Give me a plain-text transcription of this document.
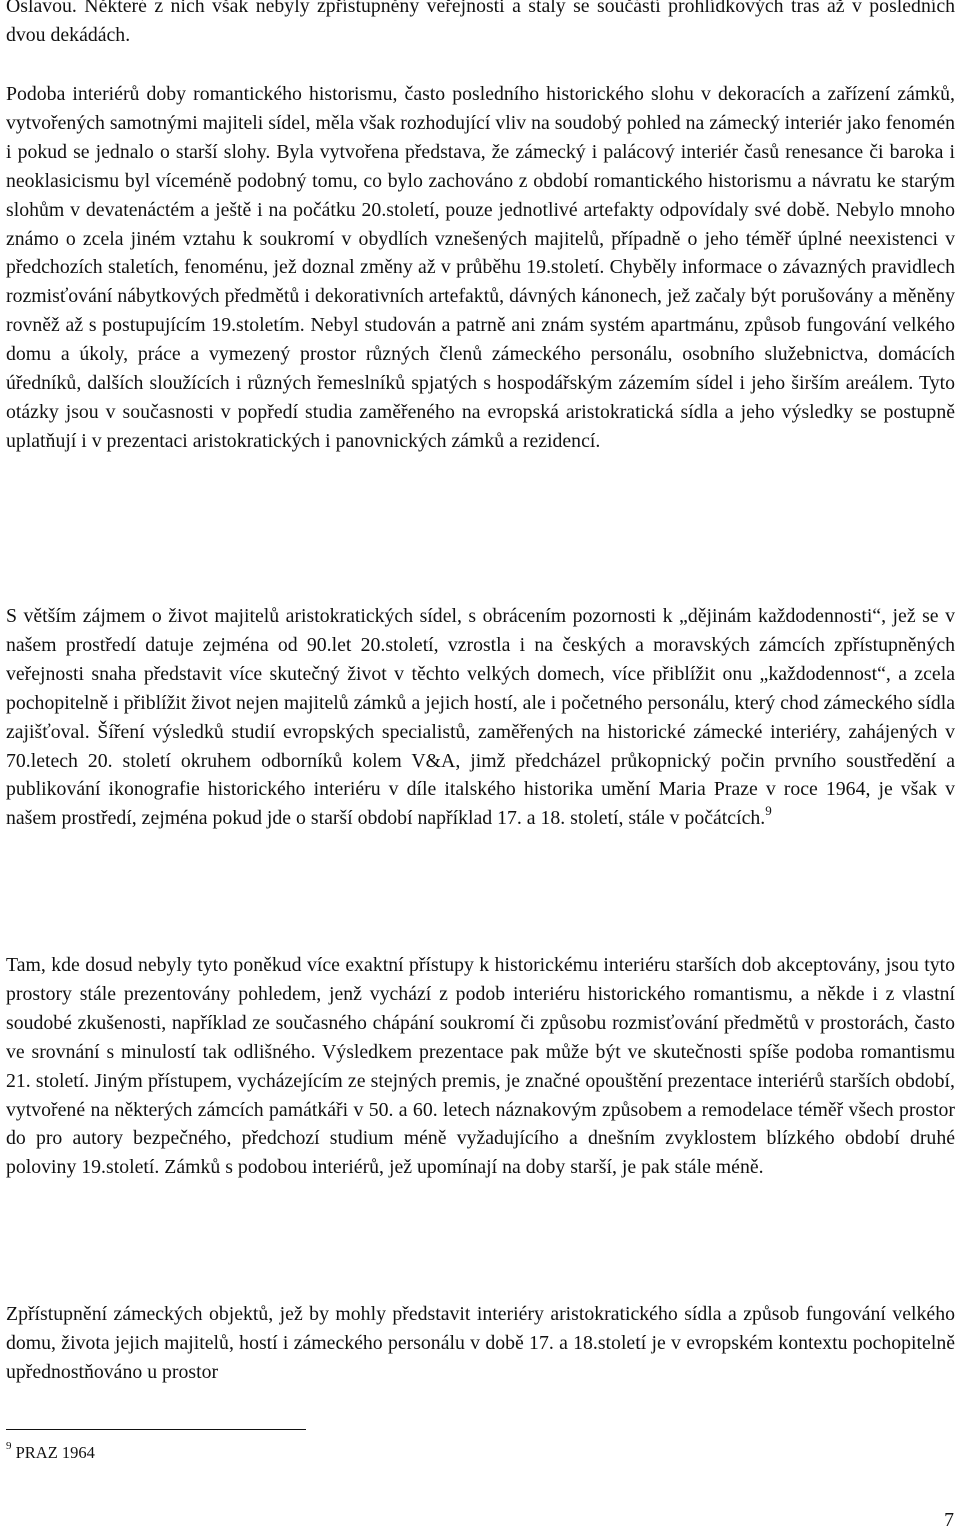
Oslavou. Některé z nich však nebyly zpřístupněny veřejnosti a staly se součástí prohlídkových tras až v posledních dvou dekádách.

Podoba interiérů doby romantického historismu, často posledního historického slohu v dekoracích a zařízení zámků, vytvořených samotnými majiteli sídel, měla však rozhodující vliv na soudobý pohled na zámecký interiér jako fenomén i pokud se jednalo o starší slohy. Byla vytvořena představa, že zámecký i palácový interiér časů renesance či baroka i neoklasicismu byl víceméně podobný tomu, co bylo zachováno z období romantického historismu a návratu ke starým slohům v devatenáctém a ještě i na počátku 20.století, pouze jednotlivé artefakty odpovídaly své době. Nebylo mnoho známo o zcela jiném vztahu k soukromí v obydlích vznešených majitelů, případně o jeho téměř úplné neexistenci v předchozích staletích, fenoménu, jež doznal změny až v průběhu 19.století. Chyběly informace o závazných pravidlech rozmisťování nábytkových předmětů i dekorativních artefaktů, dávných kánonech, jež začaly být porušovány a měněny rovněž až s postupujícím 19.stoletím. Nebyl studován a patrně ani znám systém apartmánu, způsob fungování velkého domu a úkoly, práce a vymezený prostor různých členů zámeckého personálu, osobního služebnictva, domácích úředníků, dalších sloužících i různých řemeslníků spjatých s hospodářským zázemím sídel i jeho širším areálem. Tyto otázky jsou v současnosti v popředí studia zaměřeného na evropská aristokratická sídla a jeho výsledky se postupně uplatňují i v prezentaci aristokratických i panovnických zámků a rezidencí.

S větším zájmem o život majitelů aristokratických sídel, s obrácením pozornosti k „dějinám každodennosti“, jež se v našem prostředí datuje zejména od 90.let 20.století, vzrostla i na českých a moravských zámcích zpřístupněných veřejnosti snaha představit více skutečný život v těchto velkých domech, více přiblížit onu „každodennost“, a zcela pochopitelně i přiblížit život nejen majitelů zámků a jejich hostí, ale i početného personálu, který chod zámeckého sídla zajišťoval. Šíření výsledků studií evropských specialistů, zaměřených na historické zámecké interiéry, zahájených v 70.letech 20. století okruhem odborníků kolem V&A, jimž předcházel průkopnický počin prvního soustředění a publikování ikonografie historického interiéru v díle italského historika umění Maria Praze v roce 1964, je však v našem prostředí, zejména pokud jde o starší období například 17. a 18. století, stále v počátcích.$^9$

Tam, kde dosud nebyly tyto poněkud více exaktní přístupy k historickému interiéru starších dob akceptovány, jsou tyto prostory stále prezentovány pohledem, jenž vychází z podob interiéru historického romantismu, a někde i z vlastní soudobé zkušenosti, například ze současného chápání soukromí či způsobu rozmisťování předmětů v prostorách, často ve srovnání s minulostí tak odlišného. Výsledkem prezentace pak může být ve skutečnosti spíše podoba romantismu 21. století. Jiným přístupem, vycházejícím ze stejných premis, je značné opouštění prezentace interiérů starších období, vytvořené na některých zámcích památkáři v 50. a 60. letech náznakovým způsobem a remodelace téměř všech prostor do pro autory bezpečného, předchozí studium méně vyžadujícího a dnešním zvyklostem blízkého období druhé poloviny 19.století. Zámků s podobou interiérů, jež upomínají na doby starší, je pak stále méně.

Zpřístupnění zámeckých objektů, jež by mohly představit interiéry aristokratického sídla a způsob fungování velkého domu, života jejich majitelů, hostí i zámeckého personálu v době 17. a 18.století je v evropském kontextu pochopitelně upřednostňováno u prostor

$^9$ PRAZ 1964
7
